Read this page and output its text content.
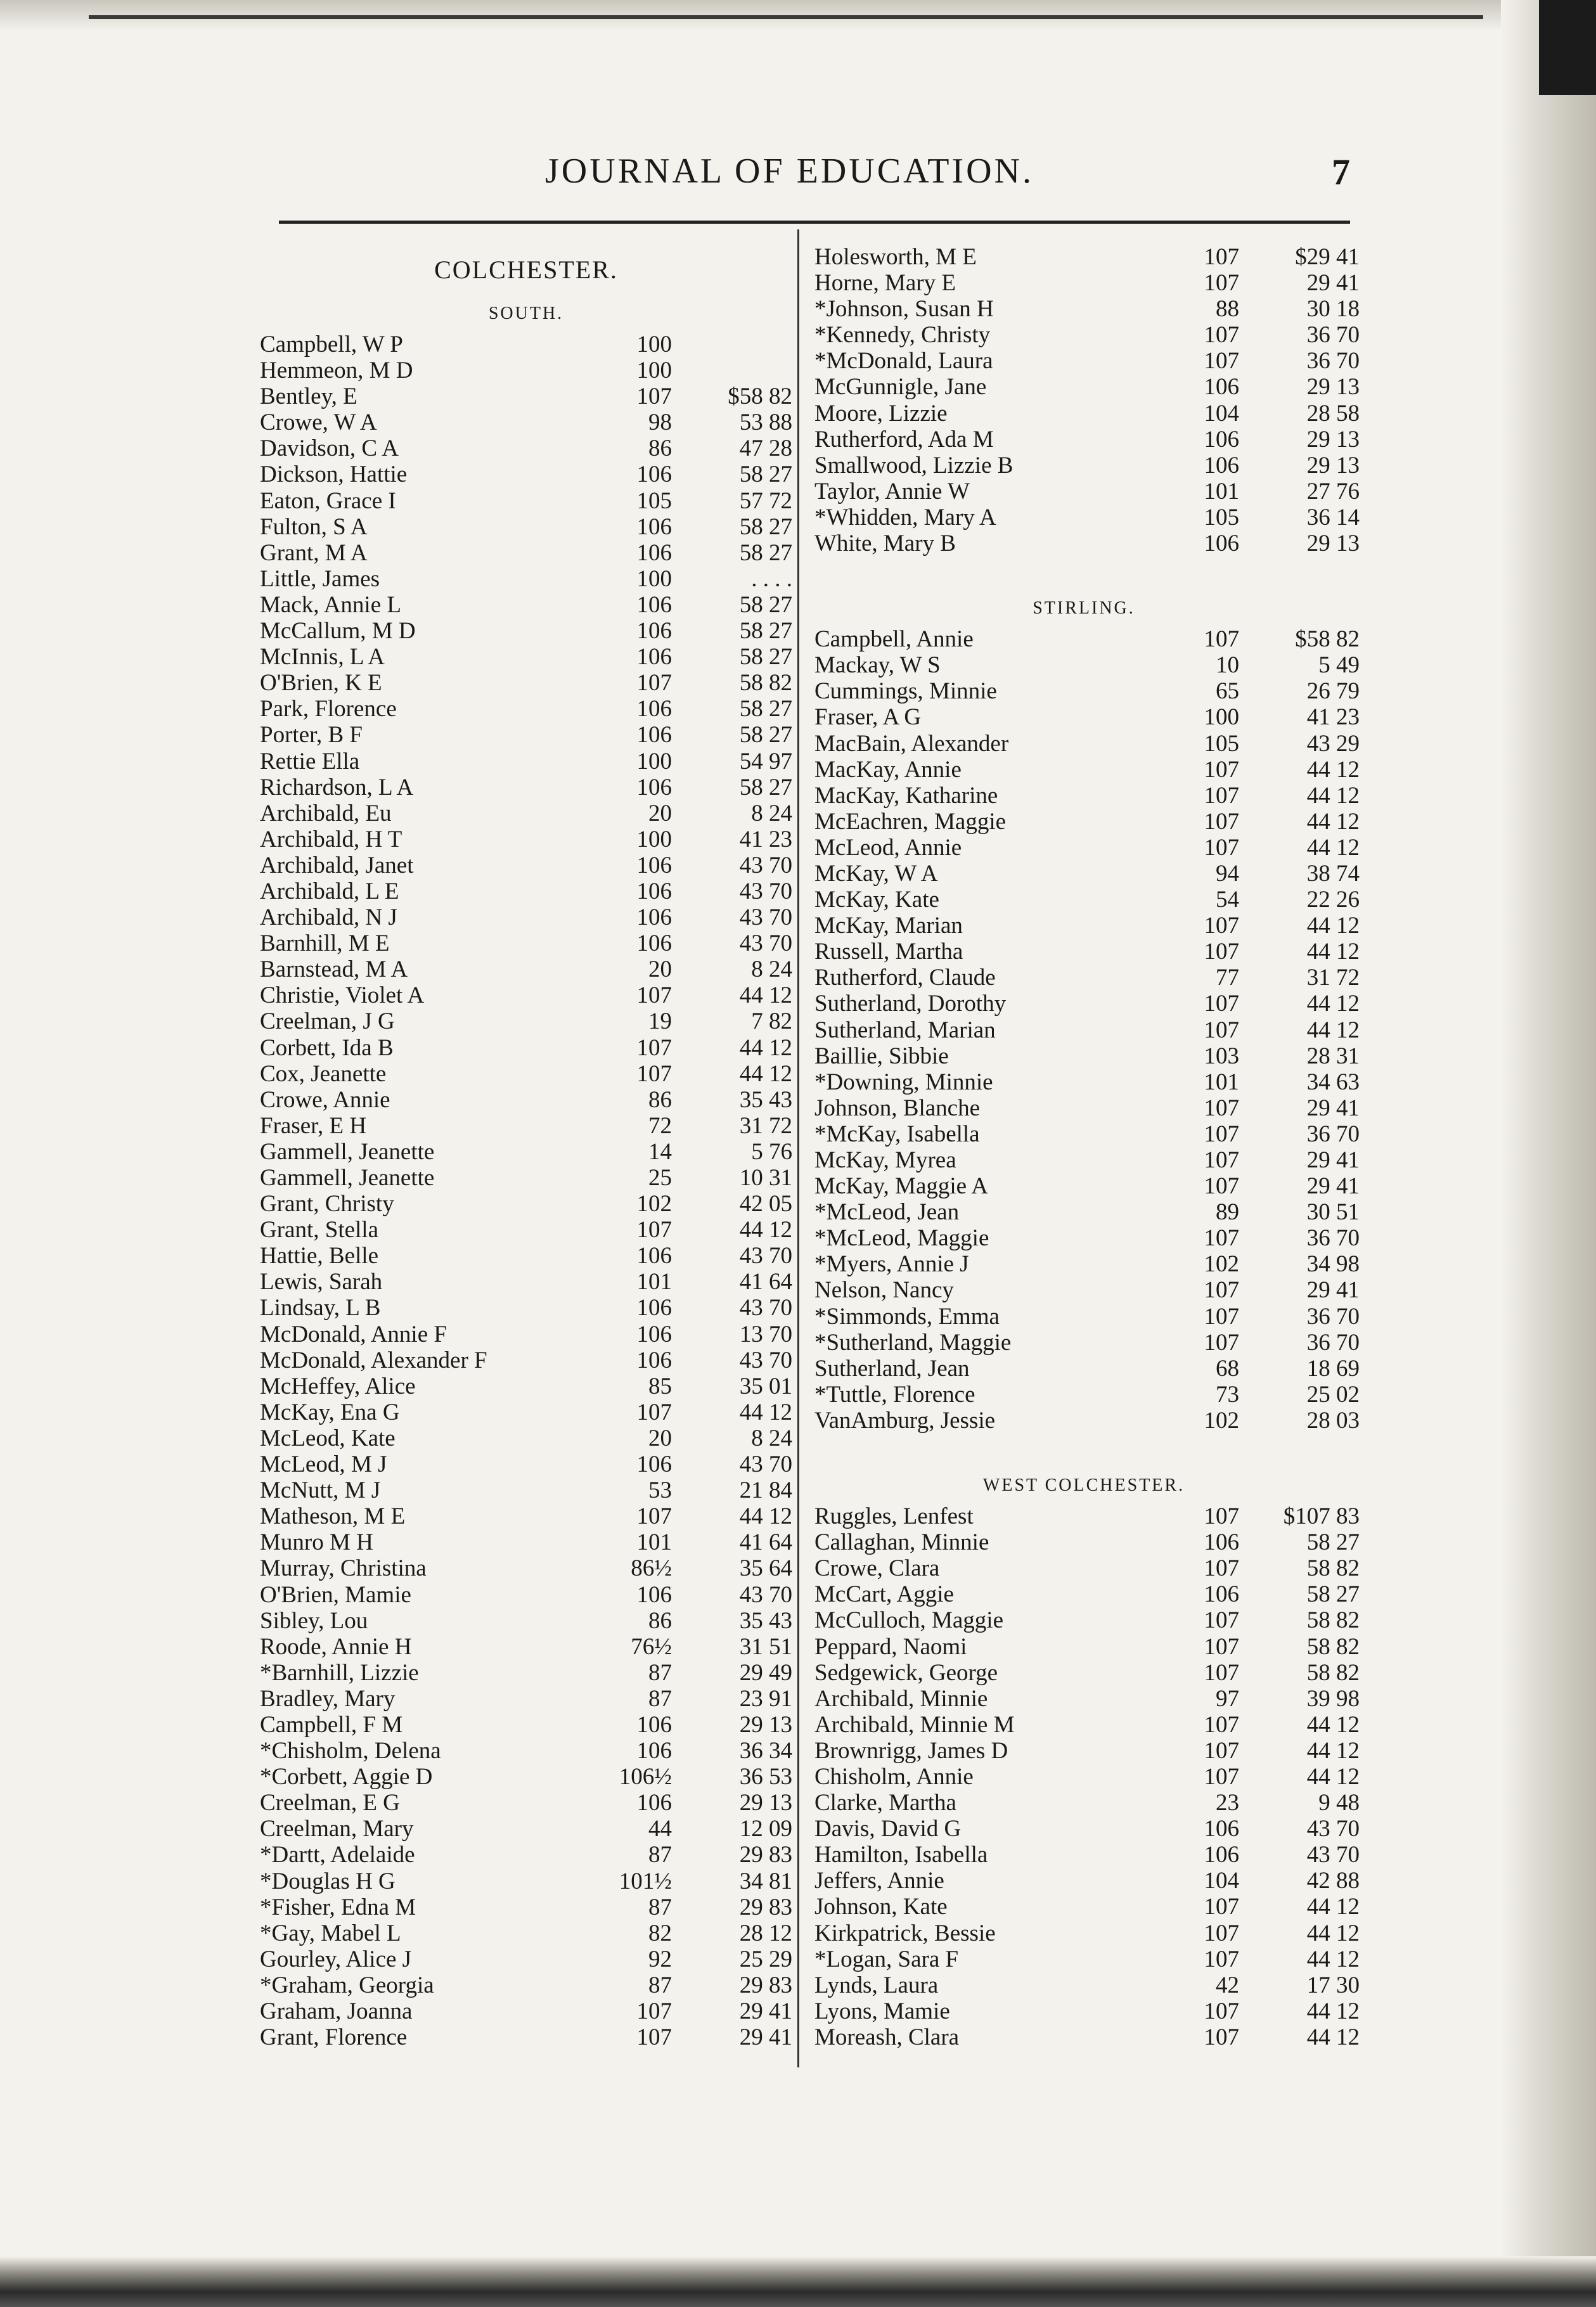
JOURNAL OF EDUCATION.	7
COLCHESTER.
SOUTH.
Campbell, W P	100
Hemmeon, M D	100
Bentley, E	107	$58 82
Crowe, W A	98	53 88
Davidson, C A	86	47 28
Dickson, Hattie	106	58 27
Eaton, Grace I	105	57 72
Fulton, S A	106	58 27
Grant, M A	106	58 27
Little, James	100	. . . .
Mack, Annie L	106	58 27
McCallum, M D	106	58 27
McInnis, L A	106	58 27
O'Brien, K E	107	58 82
Park, Florence	106	58 27
Porter, B F	106	58 27
Rettie Ella	100	54 97
Richardson, L A	106	58 27
Archibald, Eu	20	8 24
Archibald, H T	100	41 23
Archibald, Janet	106	43 70
Archibald, L E	106	43 70
Archibald, N J	106	43 70
Barnhill, M E	106	43 70
Barnstead, M A	20	8 24
Christie, Violet A	107	44 12
Creelman, J G	19	7 82
Corbett, Ida B	107	44 12
Cox, Jeanette	107	44 12
Crowe, Annie	86	35 43
Fraser, E H	72	31 72
Gammell, Jeanette	14	5 76
Gammell, Jeanette	25	10 31
Grant, Christy	102	42 05
Grant, Stella	107	44 12
Hattie, Belle	106	43 70
Lewis, Sarah	101	41 64
Lindsay, L B	106	43 70
McDonald, Annie F	106	13 70
McDonald, Alexander F	106	43 70
McHeffey, Alice	85	35 01
McKay, Ena G	107	44 12
McLeod, Kate	20	8 24
McLeod, M J	106	43 70
McNutt, M J	53	21 84
Matheson, M E	107	44 12
Munro M H	101	41 64
Murray, Christina	86½	35 64
O'Brien, Mamie	106	43 70
Sibley, Lou	86	35 43
Roode, Annie H	76½	31 51
*Barnhill, Lizzie	87	29 49
Bradley, Mary	87	23 91
Campbell, F M	106	29 13
*Chisholm, Delena	106	36 34
*Corbett, Aggie D	106½	36 53
Creelman, E G	106	29 13
Creelman, Mary	44	12 09
*Dartt, Adelaide	87	29 83
*Douglas H G	101½	34 81
*Fisher, Edna M	87	29 83
*Gay, Mabel L	82	28 12
Gourley, Alice J	92	25 29
*Graham, Georgia	87	29 83
Graham, Joanna	107	29 41
Grant, Florence	107	29 41
Holesworth, M E	107	$29 41
Horne, Mary E	107	29 41
*Johnson, Susan H	88	30 18
*Kennedy, Christy	107	36 70
*McDonald, Laura	107	36 70
McGunnigle, Jane	106	29 13
Moore, Lizzie	104	28 58
Rutherford, Ada M	106	29 13
Smallwood, Lizzie B	106	29 13
Taylor, Annie W	101	27 76
*Whidden, Mary A	105	36 14
White, Mary B	106	29 13
STIRLING.
Campbell, Annie	107	$58 82
Mackay, W S	10	5 49
Cummings, Minnie	65	26 79
Fraser, A G	100	41 23
MacBain, Alexander	105	43 29
MacKay, Annie	107	44 12
MacKay, Katharine	107	44 12
McEachren, Maggie	107	44 12
McLeod, Annie	107	44 12
McKay, W A	94	38 74
McKay, Kate	54	22 26
McKay, Marian	107	44 12
Russell, Martha	107	44 12
Rutherford, Claude	77	31 72
Sutherland, Dorothy	107	44 12
Sutherland, Marian	107	44 12
Baillie, Sibbie	103	28 31
*Downing, Minnie	101	34 63
Johnson, Blanche	107	29 41
*McKay, Isabella	107	36 70
McKay, Myrea	107	29 41
McKay, Maggie A	107	29 41
*McLeod, Jean	89	30 51
*McLeod, Maggie	107	36 70
*Myers, Annie J	102	34 98
Nelson, Nancy	107	29 41
*Simmonds, Emma	107	36 70
*Sutherland, Maggie	107	36 70
Sutherland, Jean	68	18 69
*Tuttle, Florence	73	25 02
VanAmburg, Jessie	102	28 03
WEST COLCHESTER.
Ruggles, Lenfest	107	$107 83
Callaghan, Minnie	106	58 27
Crowe, Clara	107	58 82
McCart, Aggie	106	58 27
McCulloch, Maggie	107	58 82
Peppard, Naomi	107	58 82
Sedgewick, George	107	58 82
Archibald, Minnie	97	39 98
Archibald, Minnie M	107	44 12
Brownrigg, James D	107	44 12
Chisholm, Annie	107	44 12
Clarke, Martha	23	9 48
Davis, David G	106	43 70
Hamilton, Isabella	106	43 70
Jeffers, Annie	104	42 88
Johnson, Kate	107	44 12
Kirkpatrick, Bessie	107	44 12
*Logan, Sara F	107	44 12
Lynds, Laura	42	17 30
Lyons, Mamie	107	44 12
Moreash, Clara	107	44 12
